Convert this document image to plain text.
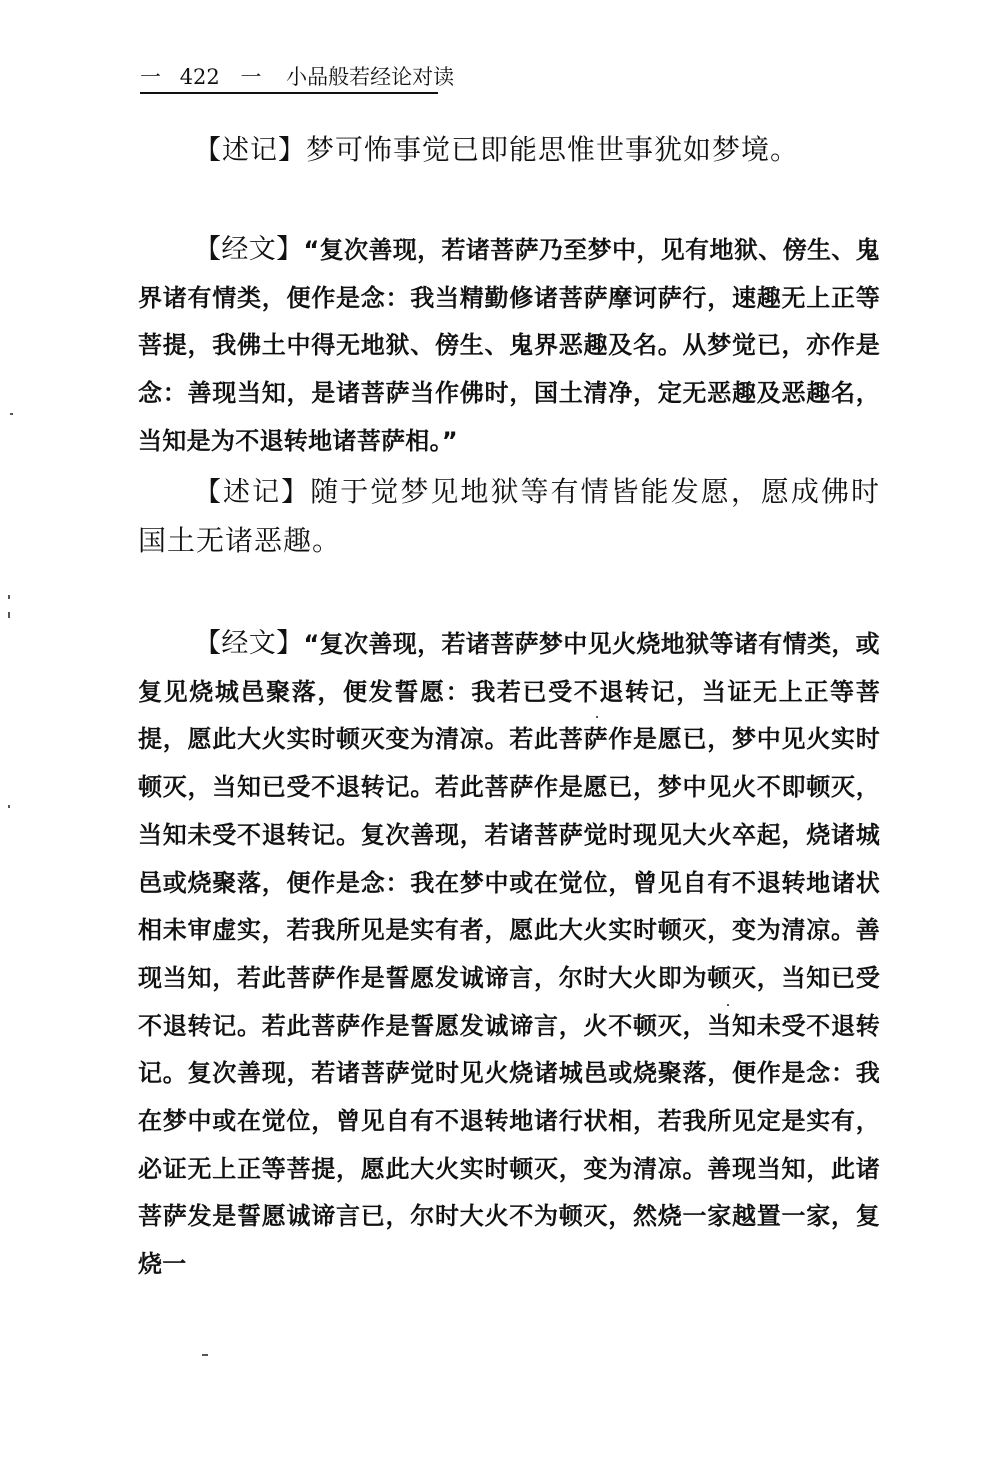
一 422 一 小品般若经论对读

【述记】梦可怖事觉已即能思惟世事犹如梦境。

【经文】“复次善现，若诸菩萨乃至梦中，见有地狱、傍生、鬼界诸有情类，便作是念：我当精勤修诸菩萨摩诃萨行，速趣无上正等菩提，我佛土中得无地狱、傍生、鬼界恶趣及名。从梦觉已，亦作是念：善现当知，是诸菩萨当作佛时，国土清净，定无恶趣及恶趣名，当知是为不退转地诸菩萨相。”

【述记】随于觉梦见地狱等有情皆能发愿，愿成佛时国土无诸恶趣。

【经文】“复次善现，若诸菩萨梦中见火烧地狱等诸有情类，或复见烧城邑聚落，便发誓愿：我若已受不退转记，当证无上正等菩提，愿此大火实时顿灭变为清凉。若此菩萨作是愿已，梦中见火实时顿灭，当知已受不退转记。若此菩萨作是愿已，梦中见火不即顿灭，当知未受不退转记。复次善现，若诸菩萨觉时现见大火卒起，烧诸城邑或烧聚落，便作是念：我在梦中或在觉位，曾见自有不退转地诸状相未审虚实，若我所见是实有者，愿此大火实时顿灭，变为清凉。善现当知，若此菩萨作是誓愿发诚谛言，尔时大火即为顿灭，当知已受不退转记。若此菩萨作是誓愿发诚谛言，火不顿灭，当知未受不退转记。复次善现，若诸菩萨觉时见火烧诸城邑或烧聚落，便作是念：我在梦中或在觉位，曾见自有不退转地诸行状相，若我所见定是实有，必证无上正等菩提，愿此大火实时顿灭，变为清凉。善现当知，此诸菩萨发是誓愿诚谛言已，尔时大火不为顿灭，然烧一家越置一家，复烧一
